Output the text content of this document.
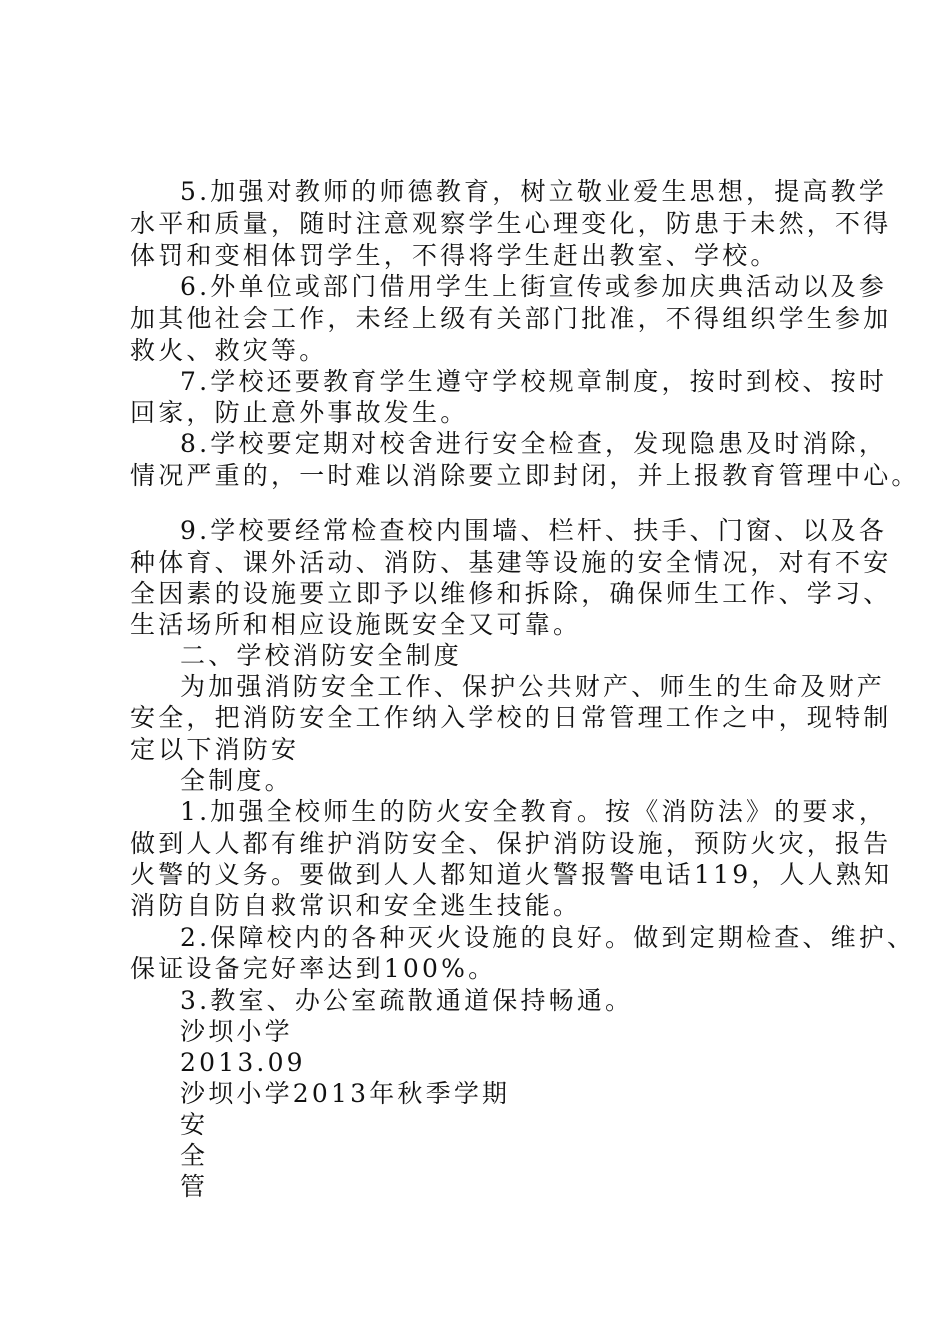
5.加强对教师的师德教育，树立敬业爱生思想，提高教学
水平和质量，随时注意观察学生心理变化，防患于未然，不得
体罚和变相体罚学生，不得将学生赶出教室、学校。
6.外单位或部门借用学生上街宣传或参加庆典活动以及参
加其他社会工作，未经上级有关部门批准，不得组织学生参加
救火、救灾等。
7.学校还要教育学生遵守学校规章制度，按时到校、按时
回家，防止意外事故发生。
8.学校要定期对校舍进行安全检查，发现隐患及时消除，
情况严重的，一时难以消除要立即封闭，并上报教育管理中心。
9.学校要经常检查校内围墙、栏杆、扶手、门窗、以及各
种体育、课外活动、消防、基建等设施的安全情况，对有不安
全因素的设施要立即予以维修和拆除，确保师生工作、学习、
生活场所和相应设施既安全又可靠。
二、学校消防安全制度
为加强消防安全工作、保护公共财产、师生的生命及财产
安全，把消防安全工作纳入学校的日常管理工作之中，现特制
定以下消防安
全制度。
1.加强全校师生的防火安全教育。按《消防法》的要求，
做到人人都有维护消防安全、保护消防设施，预防火灾，报告
火警的义务。要做到人人都知道火警报警电话119，人人熟知
消防自防自救常识和安全逃生技能。
2.保障校内的各种灭火设施的良好。做到定期检查、维护、
保证设备完好率达到100%。
3.教室、办公室疏散通道保持畅通。
沙坝小学
2013.09
沙坝小学2013年秋季学期
安
全
管
